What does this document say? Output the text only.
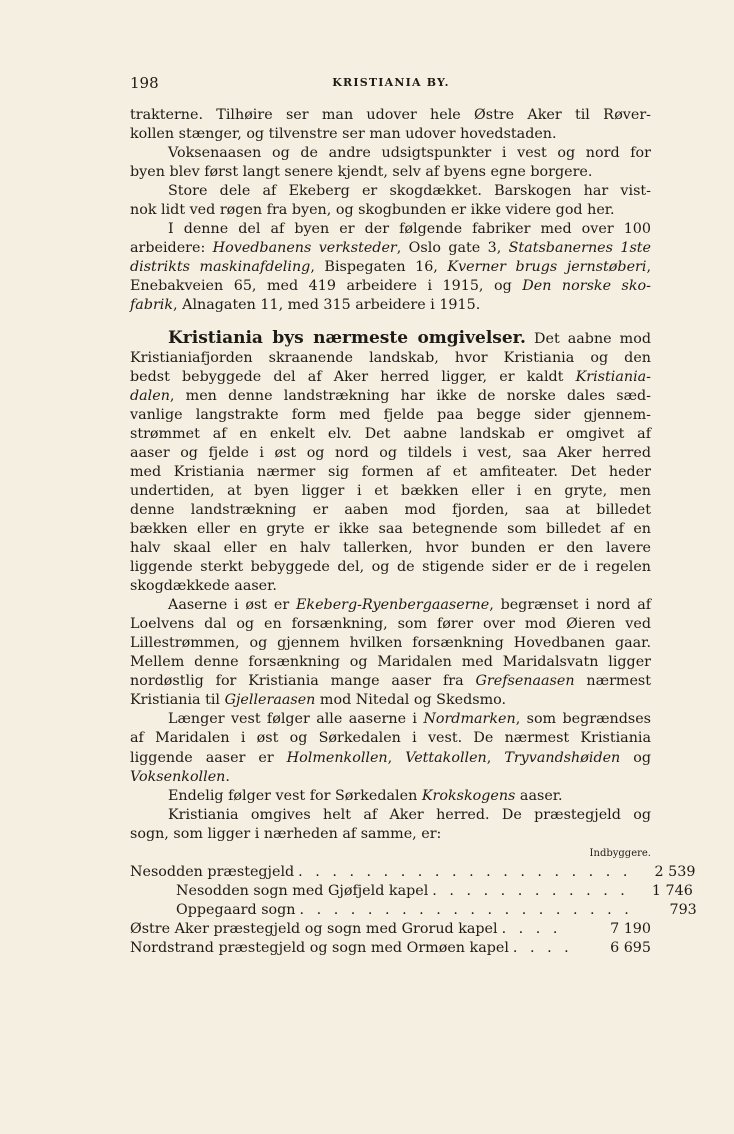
198	KRISTIANIA BY.
trakterne. Tilhøire ser man udover hele Østre Aker til Røver-
kollen stænger, og tilvenstre ser man udover hovedstaden.
Voksenaasen og de andre udsigtspunkter i vest og nord for
byen blev først langt senere kjendt, selv af byens egne borgere.
Store dele af Ekeberg er skogdækket. Barskogen har vist-
nok lidt ved røgen fra byen, og skogbunden er ikke videre god her.
I denne del af byen er der følgende fabriker med over 100
arbeidere: Hovedbanens verksteder, Oslo gate 3, Statsbanernes 1ste
distrikts maskinafdeling, Bispegaten 16, Kverner brugs jernstøberi,
Enebakveien 65, med 419 arbeidere i 1915, og Den norske sko-
fabrik, Alnagaten 11, med 315 arbeidere i 1915.
Kristiania bys nærmeste omgivelser. Det aabne mod
Kristianiafjorden skraanende landskab, hvor Kristiania og den
bedst bebyggede del af Aker herred ligger, er kaldt Kristiania-
dalen, men denne landstrækning har ikke de norske dales sæd-
vanlige langstrakte form med fjelde paa begge sider gjennem-
strømmet af en enkelt elv. Det aabne landskab er omgivet af
aaser og fjelde i øst og nord og tildels i vest, saa Aker herred
med Kristiania nærmer sig formen af et amfiteater. Det heder
undertiden, at byen ligger i et bækken eller i en gryte, men
denne landstrækning er aaben mod fjorden, saa at billedet
bækken eller en gryte er ikke saa betegnende som billedet af en
halv skaal eller en halv tallerken, hvor bunden er den lavere
liggende sterkt bebyggede del, og de stigende sider er de i regelen
skogdækkede aaser.
Aaserne i øst er Ekeberg-Ryenbergaaserne, begrænset i nord af
Loelvens dal og en forsænkning, som fører over mod Øieren ved
Lillestrømmen, og gjennem hvilken forsænkning Hovedbanen gaar.
Mellem denne forsænkning og Maridalen med Maridalsvatn ligger
nordøstlig for Kristiania mange aaser fra Grefsenaasen nærmest
Kristiania til Gjelleraasen mod Nitedal og Skedsmo.
Længer vest følger alle aaserne i Nordmarken, som begrændses
af Maridalen i øst og Sørkedalen i vest. De nærmest Kristiania
liggende aaser er Holmenkollen, Vettakollen, Tryvandshøiden og
Voksenkollen.
Endelig følger vest for Sørkedalen Krokskogens aaser.
Kristiania omgives helt af Aker herred. De præstegjeld og
sogn, som ligger i nærheden af samme, er:
Indbyggere.
Nesodden præstegjeld . . . . . . . . . . . . . . . . . . . .	2 539
Nesodden sogn med Gjøfjeld kapel . . . . . . . . . . . .	1 746
Oppegaard sogn . . . . . . . . . . . . . . . . . . . .	793
Østre Aker præstegjeld og sogn med Grorud kapel . . . .	7 190
Nordstrand præstegjeld og sogn med Ormøen kapel . . . .	6 695
